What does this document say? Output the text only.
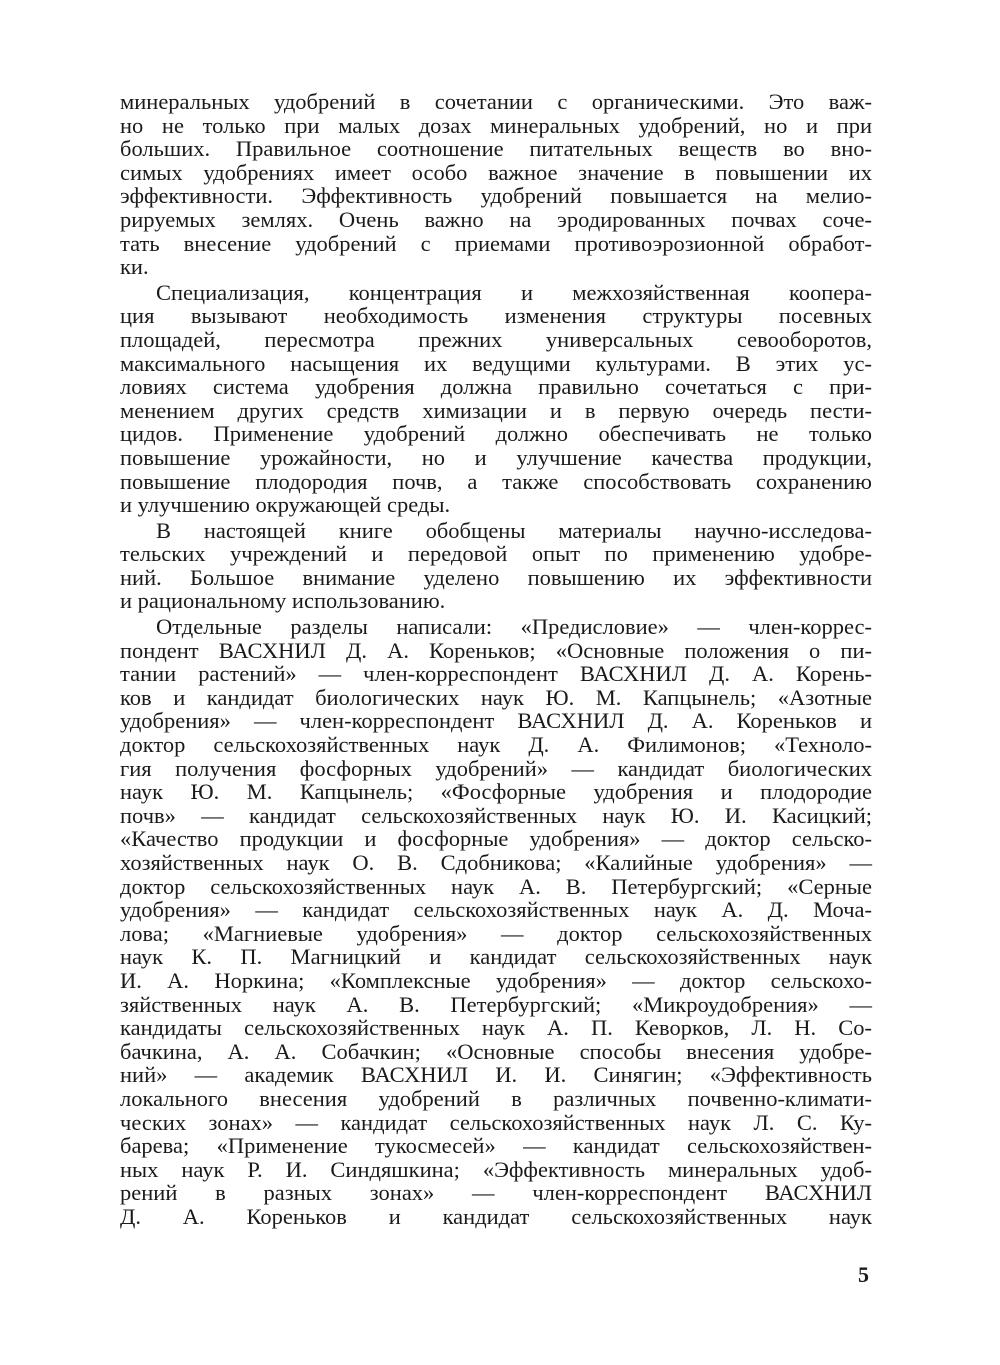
минеральных удобрений в сочетании с органическими. Это важ-
но не только при малых дозах минеральных удобрений, но и при
больших. Правильное соотношение питательных веществ во вно-
симых удобрениях имеет особо важное значение в повышении их
эффективности. Эффективность удобрений повышается на мелио-
рируемых землях. Очень важно на эродированных почвах соче-
тать внесение удобрений с приемами противоэрозионной обработ-
ки.
Специализация, концентрация и межхозяйственная коопера-
ция вызывают необходимость изменения структуры посевных
площадей, пересмотра прежних универсальных севооборотов,
максимального насыщения их ведущими культурами. В этих ус-
ловиях система удобрения должна правильно сочетаться с при-
менением других средств химизации и в первую очередь пести-
цидов. Применение удобрений должно обеспечивать не только
повышение урожайности, но и улучшение качества продукции,
повышение плодородия почв, а также способствовать сохранению
и улучшению окружающей среды.
В настоящей книге обобщены материалы научно-исследова-
тельских учреждений и передовой опыт по применению удобре-
ний. Большое внимание уделено повышению их эффективности
и рациональному использованию.
Отдельные разделы написали: «Предисловие» — член-коррес-
пондент ВАСХНИЛ Д. А. Кореньков; «Основные положения о пи-
тании растений» — член-корреспондент ВАСХНИЛ Д. А. Корень-
ков и кандидат биологических наук Ю. М. Капцынель; «Азотные
удобрения» — член-корреспондент ВАСХНИЛ Д. А. Кореньков и
доктор сельскохозяйственных наук Д. А. Филимонов; «Техноло-
гия получения фосфорных удобрений» — кандидат биологических
наук Ю. М. Капцынель; «Фосфорные удобрения и плодородие
почв» — кандидат сельскохозяйственных наук Ю. И. Касицкий;
«Качество продукции и фосфорные удобрения» — доктор сельско-
хозяйственных наук О. В. Сдобникова; «Калийные удобрения» —
доктор сельскохозяйственных наук А. В. Петербургский; «Серные
удобрения» — кандидат сельскохозяйственных наук А. Д. Моча-
лова; «Магниевые удобрения» — доктор сельскохозяйственных
наук К. П. Магницкий и кандидат сельскохозяйственных наук
И. А. Норкина; «Комплексные удобрения» — доктор сельскохо-
зяйственных наук А. В. Петербургский; «Микроудобрения» —
кандидаты сельскохозяйственных наук А. П. Кеворков, Л. Н. Со-
бачкина, А. А. Собачкин; «Основные способы внесения удобре-
ний» — академик ВАСХНИЛ И. И. Синягин; «Эффективность
локального внесения удобрений в различных почвенно-климати-
ческих зонах» — кандидат сельскохозяйственных наук Л. С. Ку-
барева; «Применение тукосмесей» — кандидат сельскохозяйствен-
ных наук Р. И. Синдяшкина; «Эффективность минеральных удоб-
рений в разных зонах» — член-корреспондент ВАСХНИЛ
Д. А. Кореньков и кандидат сельскохозяйственных наук
5
